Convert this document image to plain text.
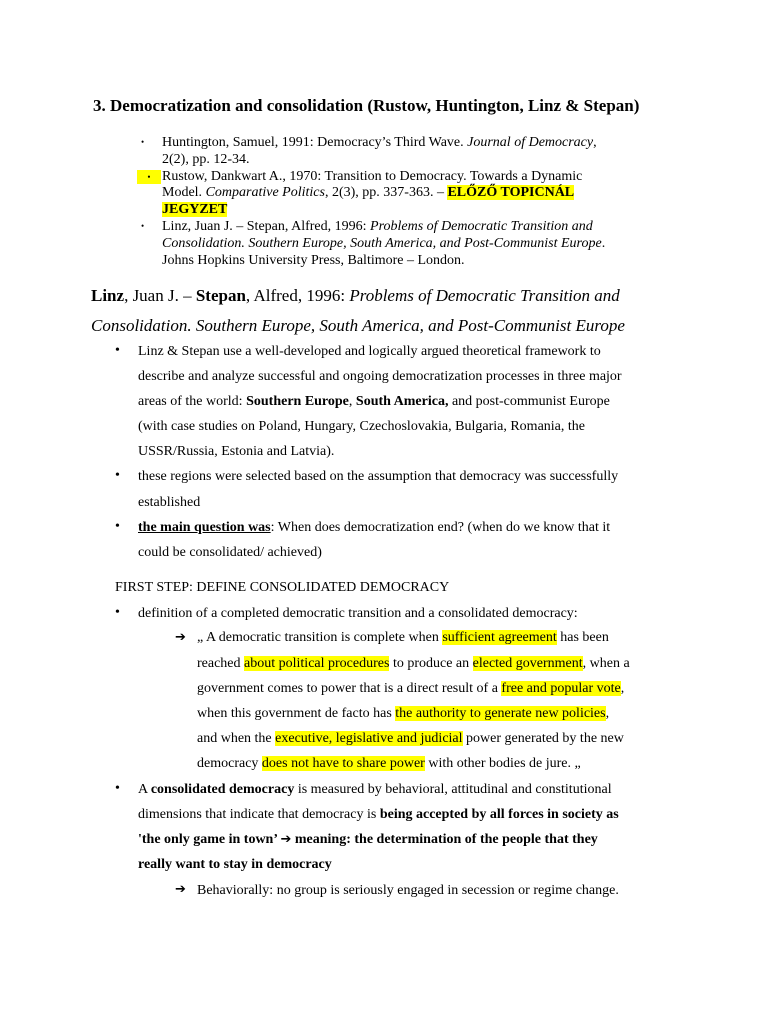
3. Democratization and consolidation (Rustow, Huntington, Linz & Stepan)
• Huntington, Samuel, 1991: Democracy’s Third Wave. Journal of Democracy,
2(2), pp. 12-34.
• Rustow, Dankwart A., 1970: Transition to Democracy. Towards a Dynamic
Model. Comparative Politics, 2(3), pp. 337-363. – ELŐZŐ TOPICNÁL
JEGYZET
• Linz, Juan J. – Stepan, Alfred, 1996: Problems of Democratic Transition and
Consolidation. Southern Europe, South America, and Post-Communist Europe.
Johns Hopkins University Press, Baltimore – London.
Linz, Juan J. – Stepan, Alfred, 1996: Problems of Democratic Transition and
Consolidation. Southern Europe, South America, and Post-Communist Europe
• Linz & Stepan use a well-developed and logically argued theoretical framework to
describe and analyze successful and ongoing democratization processes in three major
areas of the world: Southern Europe, South America, and post-communist Europe
(with case studies on Poland, Hungary, Czechoslovakia, Bulgaria, Romania, the
USSR/Russia, Estonia and Latvia).
• these regions were selected based on the assumption that democracy was successfully
established
• the main question was: When does democratization end? (when do we know that it
could be consolidated/ achieved)
FIRST STEP: DEFINE CONSOLIDATED DEMOCRACY
• definition of a completed democratic transition and a consolidated democracy:
➔ „ A democratic transition is complete when sufficient agreement has been
reached about political procedures to produce an elected government, when a
government comes to power that is a direct result of a free and popular vote,
when this government de facto has the authority to generate new policies,
and when the executive, legislative and judicial power generated by the new
democracy does not have to share power with other bodies de jure. „
• A consolidated democracy is measured by behavioral, attitudinal and constitutional
dimensions that indicate that democracy is being accepted by all forces in society as
'the only game in town’ ➔ meaning: the determination of the people that they
really want to stay in democracy
➔ Behaviorally: no group is seriously engaged in secession or regime change.
